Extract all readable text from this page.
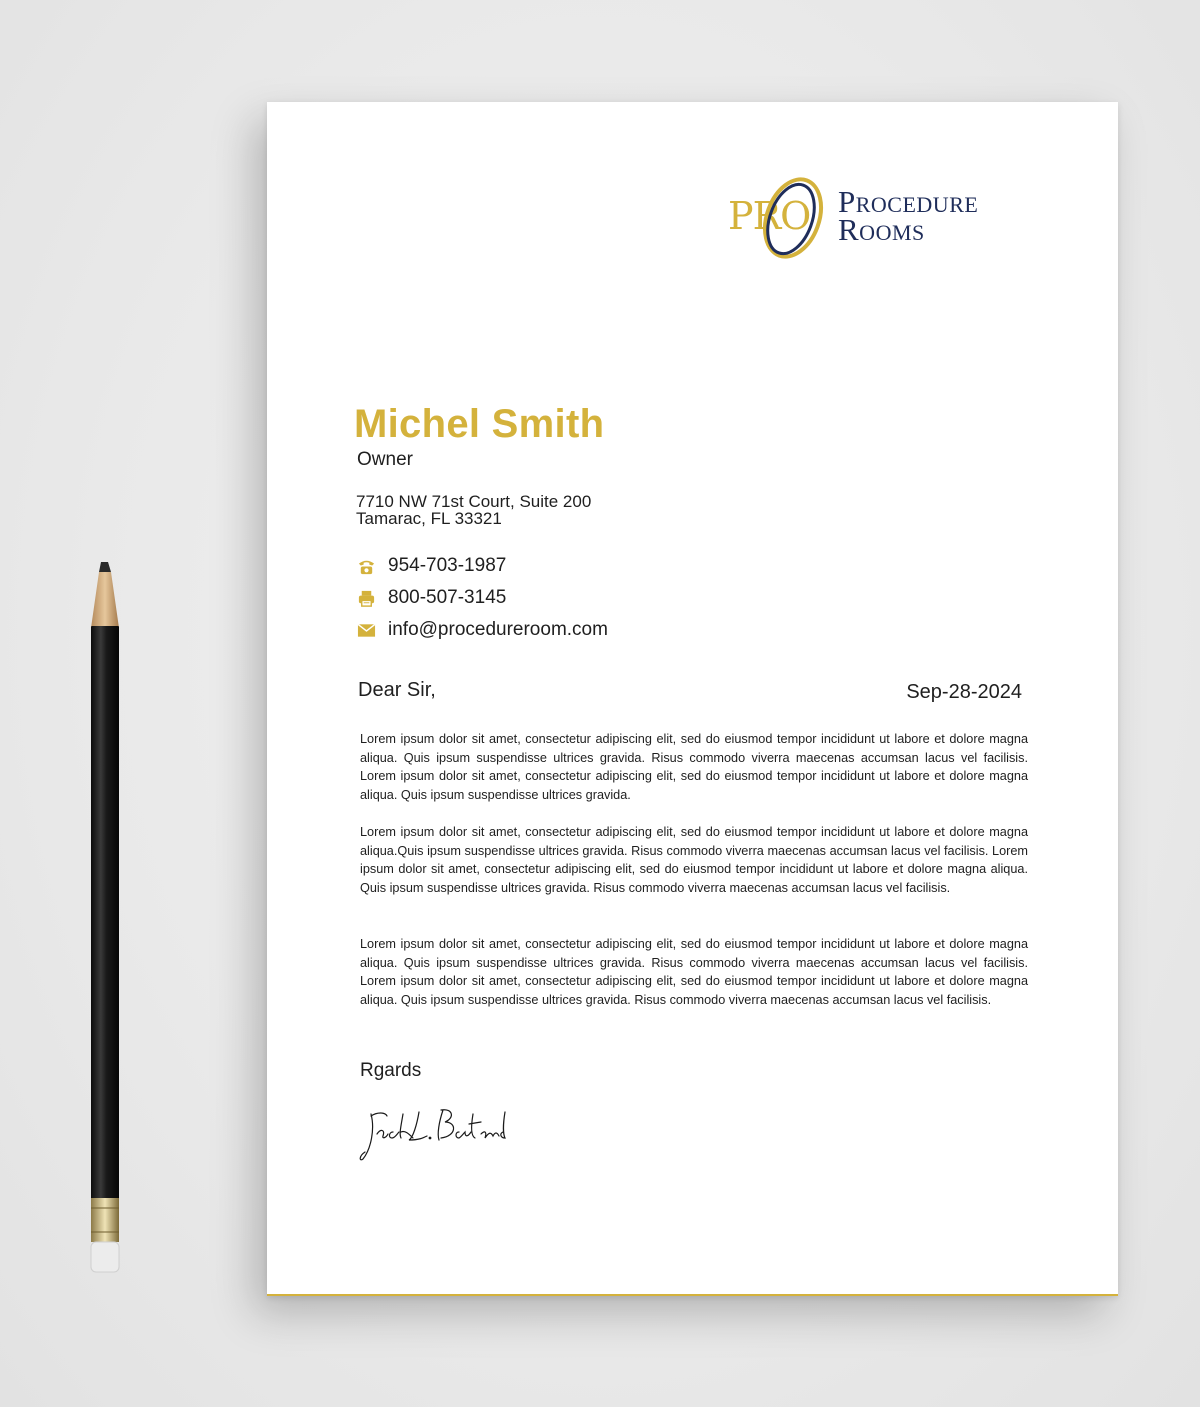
PRO Procedure
Rooms
Michel Smith
Owner
7710 NW 71st Court, Suite 200
Tamarac, FL 33321
954-703-1987
800-507-3145
info@procedureroom.com
Dear Sir,	Sep-28-2024

Lorem ipsum dolor sit amet, consectetur adipiscing elit, sed do eiusmod tempor incididunt ut labore et dolore magna aliqua. Quis ipsum suspendisse ultrices gravida. Risus commodo viverra maecenas accumsan lacus vel facilisis. Lorem ipsum dolor sit amet, consectetur adipiscing elit, sed do eiusmod tempor incididunt ut labore et dolore magna aliqua. Quis ipsum suspendisse ultrices gravida.

Lorem ipsum dolor sit amet, consectetur adipiscing elit, sed do eiusmod tempor incididunt ut labore et dolore magna aliqua.Quis ipsum suspendisse ultrices gravida. Risus commodo viverra maecenas accumsan lacus vel facilisis. Lorem ipsum dolor sit amet, consectetur adipiscing elit, sed do eiusmod tempor incididunt ut labore et dolore magna aliqua. Quis ipsum suspendisse ultrices gravida. Risus commodo viverra maecenas accumsan lacus vel facilisis.

Lorem ipsum dolor sit amet, consectetur adipiscing elit, sed do eiusmod tempor incididunt ut labore et dolore magna aliqua. Quis ipsum suspendisse ultrices gravida. Risus commodo viverra maecenas accumsan lacus vel facilisis. Lorem ipsum dolor sit amet, consectetur adipiscing elit, sed do eiusmod tempor incididunt ut labore et dolore magna aliqua. Quis ipsum suspendisse ultrices gravida. Risus commodo viverra maecenas accumsan lacus vel facilisis.

Rgards
